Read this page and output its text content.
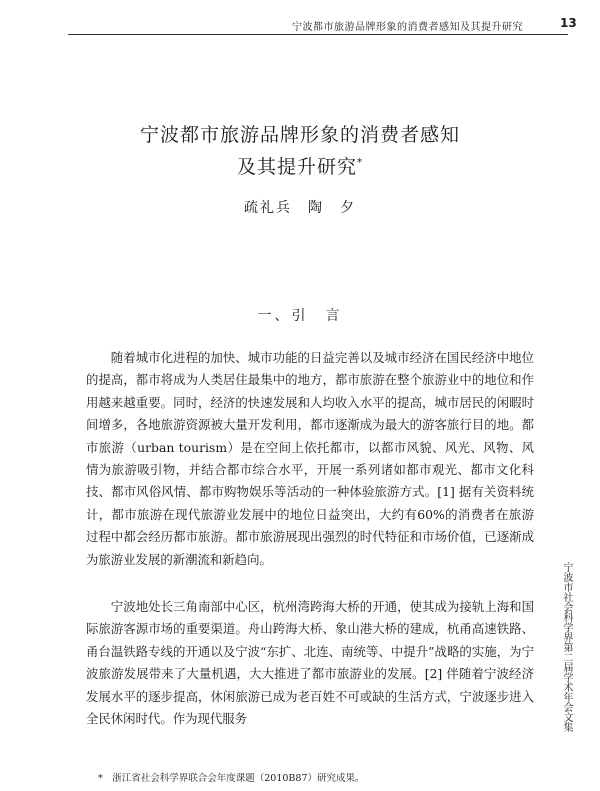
宁波都市旅游品牌形象的消费者感知及其提升研究	13
宁波都市旅游品牌形象的消费者感知
及其提升研究*
疏礼兵　陶　夕
一、引　言

随着城市化进程的加快、城市功能的日益完善以及城市经济在国民经济中地位的提高，都市将成为人类居住最集中的地方，都市旅游在整个旅游业中的地位和作用越来越重要。同时，经济的快速发展和人均收入水平的提高，城市居民的闲暇时间增多，各地旅游资源被大量开发利用，都市逐渐成为最大的游客旅行目的地。都市旅游（urban tourism）是在空间上依托都市，以都市风貌、风光、风物、风情为旅游吸引物，并结合都市综合水平，开展一系列诸如都市观光、都市文化科技、都市风俗风情、都市购物娱乐等活动的一种体验旅游方式。[1] 据有关资料统计，都市旅游在现代旅游业发展中的地位日益突出，大约有60%的消费者在旅游过程中都会经历都市旅游。都市旅游展现出强烈的时代特征和市场价值，已逐渐成为旅游业发展的新潮流和新趋向。

宁波地处长三角南部中心区，杭州湾跨海大桥的开通，使其成为接轨上海和国际旅游客源市场的重要渠道。舟山跨海大桥、象山港大桥的建成，杭甬高速铁路、甬台温铁路专线的开通以及宁波“东扩、北连、南统等、中提升”战略的实施，为宁波旅游发展带来了大量机遇，大大推进了都市旅游业的发展。[2] 伴随着宁波经济发展水平的逐步提高，休闲旅游已成为老百姓不可或缺的生活方式，宁波逐步进入全民休闲时代。作为现代服务

*　浙江省社会科学界联合会年度课题（2010B87）研究成果。
宁波市社会科学界第二届学术年会文集
